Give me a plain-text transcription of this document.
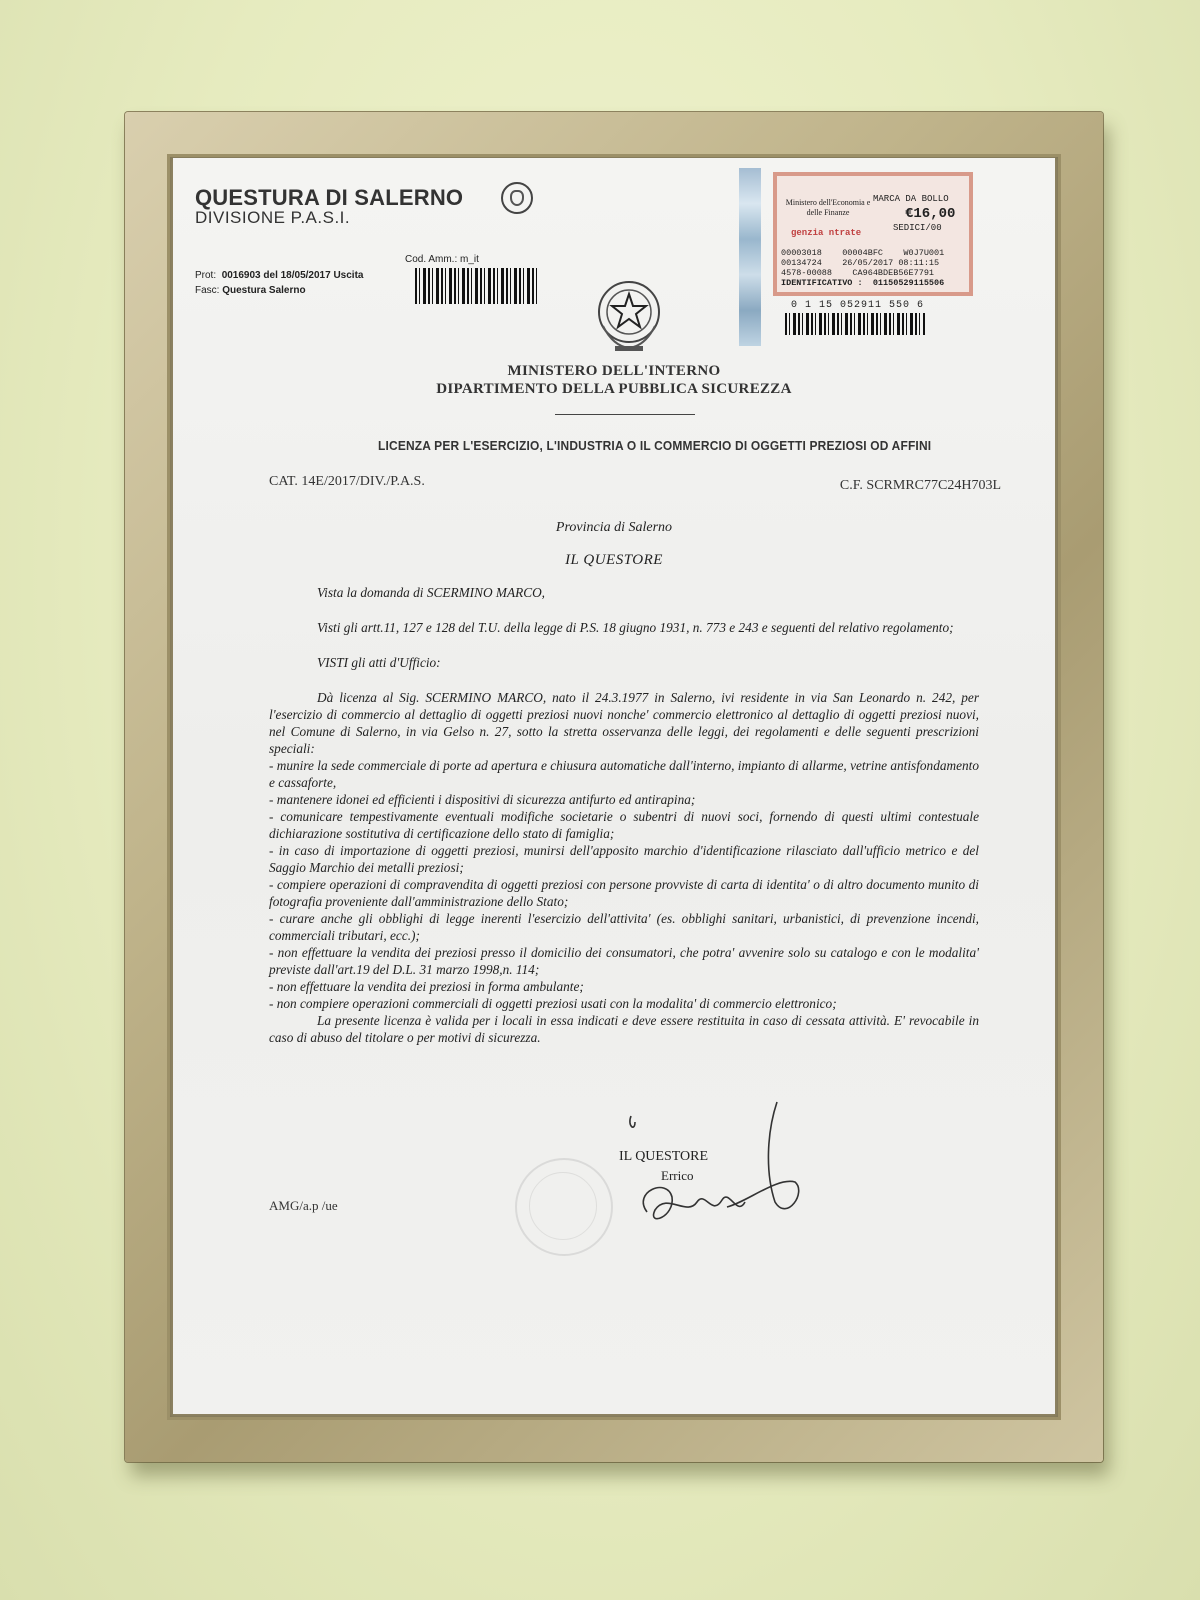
QUESTURA DI SALERNO
DIVISIONE P.A.S.I.
Cod. Amm.: m_it
Prot: 0016903 del 18/05/2017 Uscita
Fasc: Questura Salerno
MINISTERO DELL'INTERNO
DIPARTIMENTO DELLA PUBBLICA SICUREZZA
LICENZA PER L'ESERCIZIO, L'INDUSTRIA O IL COMMERCIO DI OGGETTI PREZIOSI OD AFFINI
CAT. 14E/2017/DIV./P.A.S.	C.F. SCRMRC77C24H703L
Ministero dell'Economia e delle Finanze
MARCA DA BOLLO
€16,00
SEDICI/00
genzia ntrate
00003018    00004BFC    W0J7U001
00134724    26/05/2017 08:11:15
4578-00088    CA964BDEB56E7791
IDENTIFICATIVO :  01150529115506
0 1 15 052911 550 6
Provincia di Salerno
IL QUESTORE

Vista la domanda di SCERMINO MARCO,

Visti gli artt.11, 127 e 128 del T.U. della legge di P.S. 18 giugno 1931, n. 773 e 243 e seguenti del relativo regolamento;

VISTI gli atti d'Ufficio:

Dà licenza al Sig. SCERMINO MARCO, nato il 24.3.1977 in Salerno, ivi residente in via San Leonardo n. 242, per l'esercizio di commercio al dettaglio di oggetti preziosi nuovi nonche' commercio elettronico al dettaglio di oggetti preziosi nuovi, nel Comune di Salerno, in via Gelso n. 27, sotto la stretta osservanza delle leggi, dei regolamenti e delle seguenti prescrizioni speciali:

- munire la sede commerciale di porte ad apertura e chiusura automatiche dall'interno, impianto di allarme, vetrine antisfondamento e cassaforte,

- mantenere idonei ed efficienti i dispositivi di sicurezza antifurto ed antirapina;

- comunicare tempestivamente eventuali modifiche societarie o subentri di nuovi soci, fornendo di questi ultimi contestuale dichiarazione sostitutiva di certificazione dello stato di famiglia;

- in caso di importazione di oggetti preziosi, munirsi dell'apposito marchio d'identificazione rilasciato dall'ufficio metrico e del Saggio Marchio dei metalli preziosi;

- compiere operazioni di compravendita di oggetti preziosi con persone provviste di carta di identita' o di altro documento munito di fotografia proveniente dall'amministrazione dello Stato;

- curare anche gli obblighi di legge inerenti l'esercizio dell'attivita' (es. obblighi sanitari, urbanistici, di prevenzione incendi, commerciali tributari, ecc.);

- non effettuare la vendita dei preziosi presso il domicilio dei consumatori, che potra' avvenire solo su catalogo e con le modalita' previste dall'art.19 del D.L. 31 marzo 1998,n. 114;

- non effettuare la vendita dei preziosi in forma ambulante;

- non compiere operazioni commerciali di oggetti preziosi usati con la modalita' di commercio elettronico;

La presente licenza è valida per i locali in essa indicati e deve essere restituita in caso di cessata attività. E' revocabile in caso di abuso del titolare o per motivi di sicurezza.

IL QUESTORE
Errico
AMG/a.p /ue
